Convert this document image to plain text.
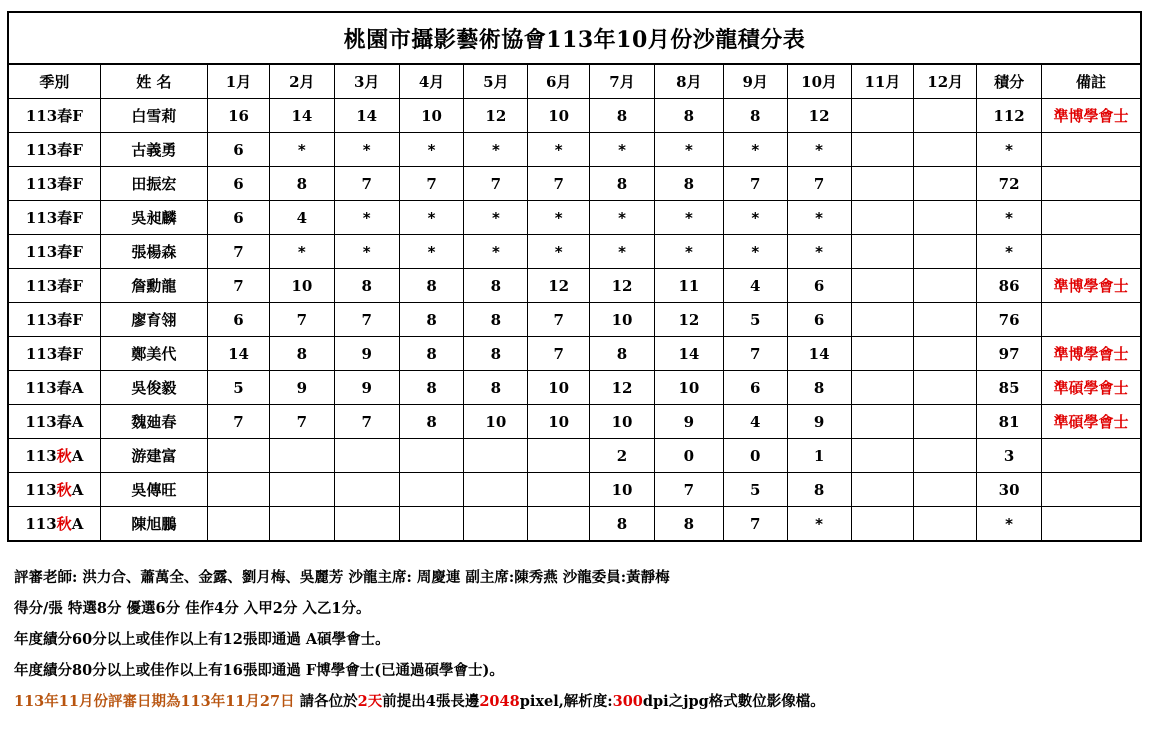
桃園市攝影藝術協會113年10月份沙龍積分表															
季別	姓 名	1月	2月	3月	4月	5月	6月	7月	8月	9月	10月	11月	12月	積分	備註
113春F	白雪莉	16	14	14	10	12	10	8	8	8	12			112	準博學會士
113春F	古義勇	6	*	*	*	*	*	*	*	*	*			*	
113春F	田振宏	6	8	7	7	7	7	8	8	7	7			72	
113春F	吳昶麟	6	4	*	*	*	*	*	*	*	*			*	
113春F	張楊森	7	*	*	*	*	*	*	*	*	*			*	
113春F	詹勳龍	7	10	8	8	8	12	12	11	4	6			86	準博學會士
113春F	廖育翎	6	7	7	8	8	7	10	12	5	6			76	
113春F	鄭美代	14	8	9	8	8	7	8	14	7	14			97	準博學會士
113春A	吳俊毅	5	9	9	8	8	10	12	10	6	8			85	準碩學會士
113春A	魏廸春	7	7	7	8	10	10	10	9	4	9			81	準碩學會士
113秋A	游建富							2	0	0	1			3	
113秋A	吳傳旺							10	7	5	8			30	
113秋A	陳旭鵬							8	8	7	*			*	
評審老師: 洪力合、蕭萬全、金露、劉月梅、吳麗芳 沙龍主席: 周慶連 副主席:陳秀燕 沙龍委員:黃靜梅
得分/張 特選8分 優選6分 佳作4分 入甲2分 入乙1分。
年度績分60分以上或佳作以上有12張即通過 A碩學會士。
年度績分80分以上或佳作以上有16張即通過 F博學會士(已通過碩學會士)。
113年11月份評審日期為113年11月27日 請各位於2天前提出4張長邊2048pixel,解析度:300dpi之jpg格式數位影像檔。
